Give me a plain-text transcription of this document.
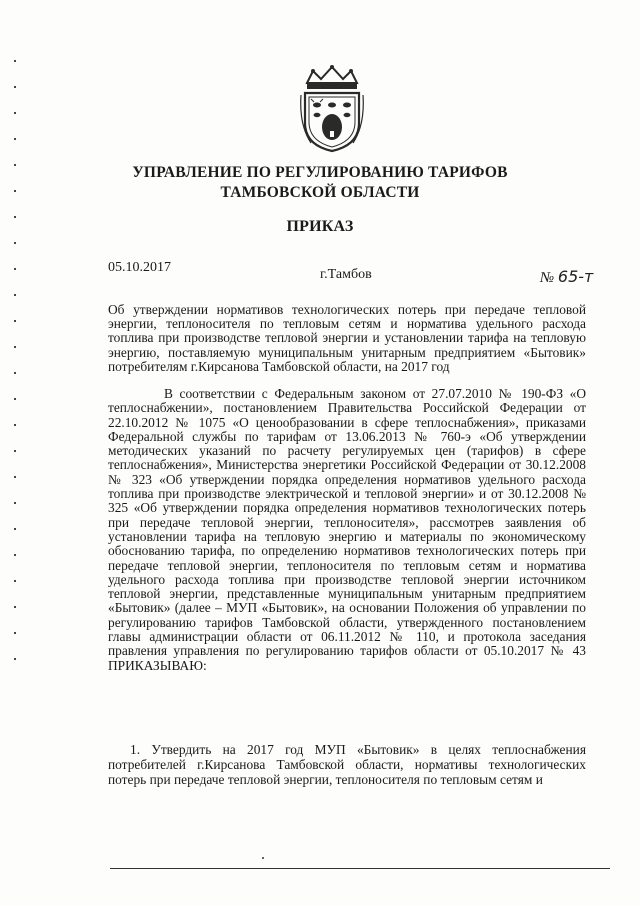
УПРАВЛЕНИЕ ПО РЕГУЛИРОВАНИЮ ТАРИФОВ
ТАМБОВСКОЙ ОБЛАСТИ
ПРИКАЗ
05.10.2017	г.Тамбов	№ 65-т
Об утверждении нормативов технологических потерь при передаче тепловой энергии, теплоносителя по тепловым сетям и норматива удельного расхода топлива при производстве тепловой энергии и установлении тарифа на тепловую энергию, поставляемую муниципальным унитарным предприятием «Бытовик» потребителям г.Кирсанова Тамбовской области, на 2017 год
В соответствии с Федеральным законом от 27.07.2010 № 190-ФЗ «О теплоснабжении», постановлением Правительства Российской Федерации от 22.10.2012 № 1075 «О ценообразовании в сфере теплоснабжения», приказами Федеральной службы по тарифам от 13.06.2013 № 760-э «Об утверждении методических указаний по расчету регулируемых цен (тарифов) в сфере теплоснабжения», Министерства энергетики Российской Федерации от 30.12.2008 № 323 «Об утверждении порядка определения нормативов удельного расхода топлива при производстве электрической и тепловой энергии» и от 30.12.2008 № 325 «Об утверждении порядка определения нормативов технологических потерь при передаче тепловой энергии, теплоносителя», рассмотрев заявления об установлении тарифа на тепловую энергию и материалы по экономическому обоснованию тарифа, по определению нормативов технологических потерь при передаче тепловой энергии, теплоносителя по тепловым сетям и норматива удельного расхода топлива при производстве тепловой энергии источником тепловой энергии, представленные муниципальным унитарным предприятием «Бытовик» (далее – МУП «Бытовик», на основании Положения об управлении по регулированию тарифов Тамбовской области, утвержденного постановлением главы администрации области от 06.11.2012 № 110, и протокола заседания правления управления по регулированию тарифов области от 05.10.2017 № 43 ПРИКАЗЫВАЮ:
1. Утвердить на 2017 год МУП «Бытовик» в целях теплоснабжения потребителей г.Кирсанова Тамбовской области, нормативы технологических потерь при передаче тепловой энергии, теплоносителя по тепловым сетям и
